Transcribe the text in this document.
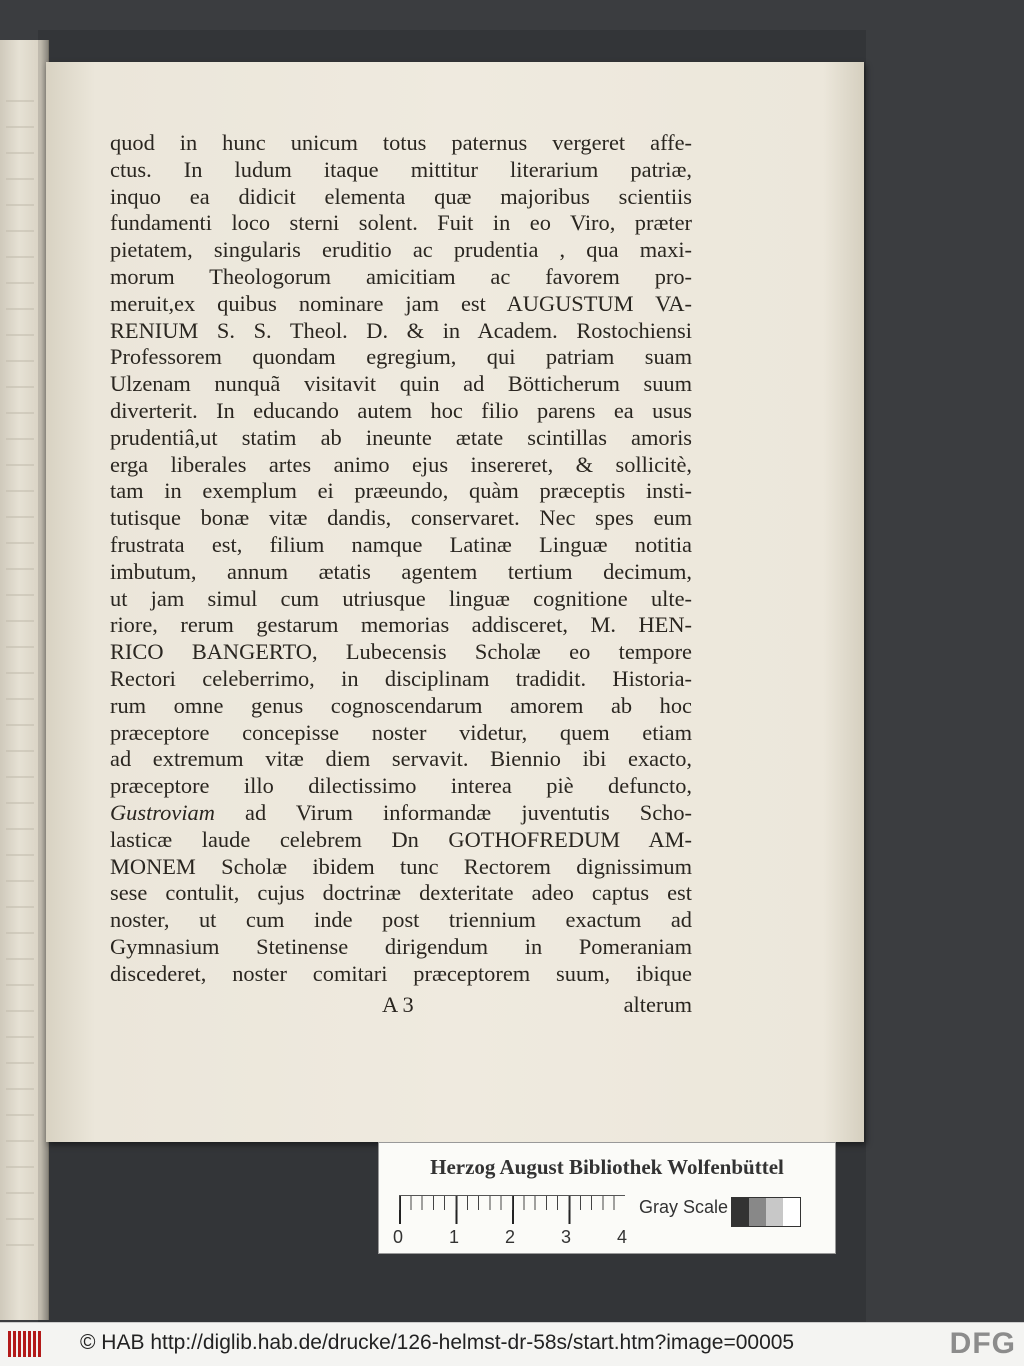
quod in hunc unicum totus paternus vergeret affe-
ctus. In ludum itaque mittitur literarium patriæ,
inquo ea didicit elementa quæ majoribus scientiis
fundamenti loco sterni solent. Fuit in eo Viro, præter
pietatem, singularis eruditio ac prudentia , qua maxi-
morum Theologorum amicitiam ac favorem pro-
meruit,ex quibus nominare jam est AUGUSTUM VA-
RENIUM S. S. Theol. D. & in Academ. Rostochiensi
Professorem quondam egregium, qui patriam suam
Ulzenam nunquã visitavit quin ad Bötticherum suum
diverterit. In educando autem hoc filio parens ea usus
prudentiâ,ut statim ab ineunte ætate scintillas amoris
erga liberales artes animo ejus insereret, & sollicitè,
tam in exemplum ei præeundo, quàm præceptis insti-
tutisque bonæ vitæ dandis, conservaret. Nec spes eum
frustrata est, filium namque Latinæ Linguæ notitia
imbutum, annum ætatis agentem tertium decimum,
ut jam simul cum utriusque linguæ cognitione ulte-
riore, rerum gestarum memorias addisceret, M. HEN-
RICO BANGERTO, Lubecensis Scholæ eo tempore
Rectori celeberrimo, in disciplinam tradidit. Historia-
rum omne genus cognoscendarum amorem ab hoc
præceptore concepisse noster videtur, quem etiam
ad extremum vitæ diem servavit. Biennio ibi exacto,
præceptore illo dilectissimo interea piè defuncto,
Gustroviam ad Virum informandæ juventutis Scho-
lasticæ laude celebrem Dn GOTHOFREDUM AM-
MONEM Scholæ ibidem tunc Rectorem dignissimum
sese contulit, cujus doctrinæ dexteritate adeo captus est
noster, ut cum inde post triennium exactum ad
Gymnasium Stetinense dirigendum in Pomeraniam
discederet, noster comitari præceptorem suum, ibique
A 3	alterum
Herzog August Bibliothek Wolfenbüttel
0	1	2	3	4
Gray Scale
© HAB http://diglib.hab.de/drucke/126-helmst-dr-58s/start.htm?image=00005	DFG
